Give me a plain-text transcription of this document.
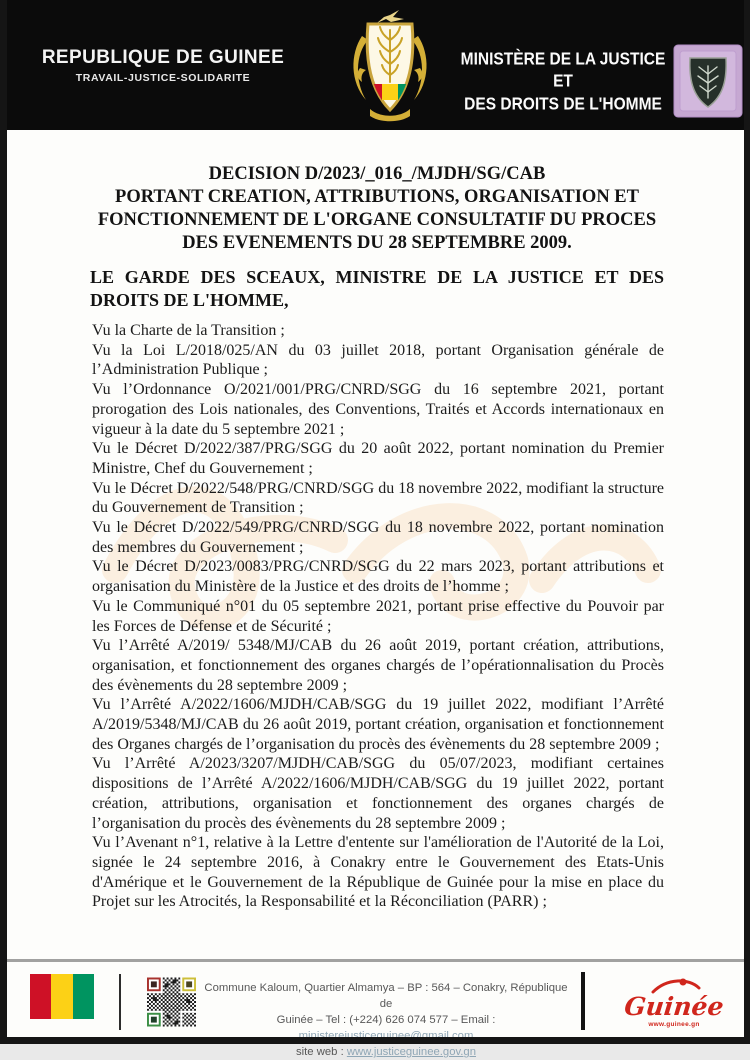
REPUBLIQUE DE GUINEE
TRAVAIL-JUSTICE-SOLIDARITE
MINISTÈRE DE LA JUSTICE ET
DES DROITS DE L'HOMME
DECISION D/2023/_016_/MJDH/SG/CAB
PORTANT CREATION, ATTRIBUTIONS, ORGANISATION ET
FONCTIONNEMENT DE L'ORGANE CONSULTATIF DU PROCES
DES EVENEMENTS DU 28 SEPTEMBRE 2009.
LE GARDE DES SCEAUX, MINISTRE DE LA JUSTICE ET DES DROITS DE L'HOMME,

Vu la Charte de la Transition ;

Vu la Loi L/2018/025/AN du 03 juillet 2018, portant Organisation générale de l’Administration Publique ;

Vu l’Ordonnance O/2021/001/PRG/CNRD/SGG du 16 septembre 2021, portant prorogation des Lois nationales, des Conventions, Traités et Accords internationaux en vigueur à la date du 5 septembre 2021 ;

Vu le Décret D/2022/387/PRG/SGG du 20 août 2022, portant nomination du Premier Ministre, Chef du Gouvernement ;

Vu le Décret D/2022/548/PRG/CNRD/SGG du 18 novembre 2022, modifiant la structure du Gouvernement de Transition ;

Vu le Décret D/2022/549/PRG/CNRD/SGG du 18 novembre 2022, portant nomination des membres du Gouvernement ;

Vu le Décret D/2023/0083/PRG/CNRD/SGG du 22 mars 2023, portant attributions et organisation du Ministère de la Justice et des droits de l’homme ;

Vu le Communiqué n°01 du 05 septembre 2021, portant prise effective du Pouvoir par les Forces de Défense et de Sécurité ;

Vu l’Arrêté A/2019/ 5348/MJ/CAB du 26 août 2019, portant création, attributions, organisation, et fonctionnement des organes chargés de l’opérationnalisation du Procès des évènements du 28 septembre 2009 ;

Vu l’Arrêté A/2022/1606/MJDH/CAB/SGG du 19 juillet 2022, modifiant l’Arrêté A/2019/5348/MJ/CAB du 26 août 2019, portant création, organisation et fonctionnement des Organes chargés de l’organisation du procès des évènements du 28 septembre 2009 ;

Vu l’Arrêté A/2023/3207/MJDH/CAB/SGG du 05/07/2023, modifiant certaines dispositions de l’Arrêté A/2022/1606/MJDH/CAB/SGG du 19 juillet 2022, portant création, attributions, organisation et fonctionnement des organes chargés de l’organisation du procès des évènements du 28 septembre 2009 ;

Vu l’Avenant n°1, relative à la Lettre d'entente sur l'amélioration de l'Autorité de la Loi, signée le 24 septembre 2016, à Conakry entre le Gouvernement des Etats-Unis d'Amérique et le Gouvernement de la République de Guinée pour la mise en place du Projet sur les Atrocités, la Responsabilité et la Réconciliation (PARR) ;

Commune Kaloum, Quartier Almamya – BP : 564 – Conakry, République de
Guinée – Tel : (+224) 626 074 577 – Email :
site web : www.justiceguinee.gov.gn
Guinée
www.guinee.gn
